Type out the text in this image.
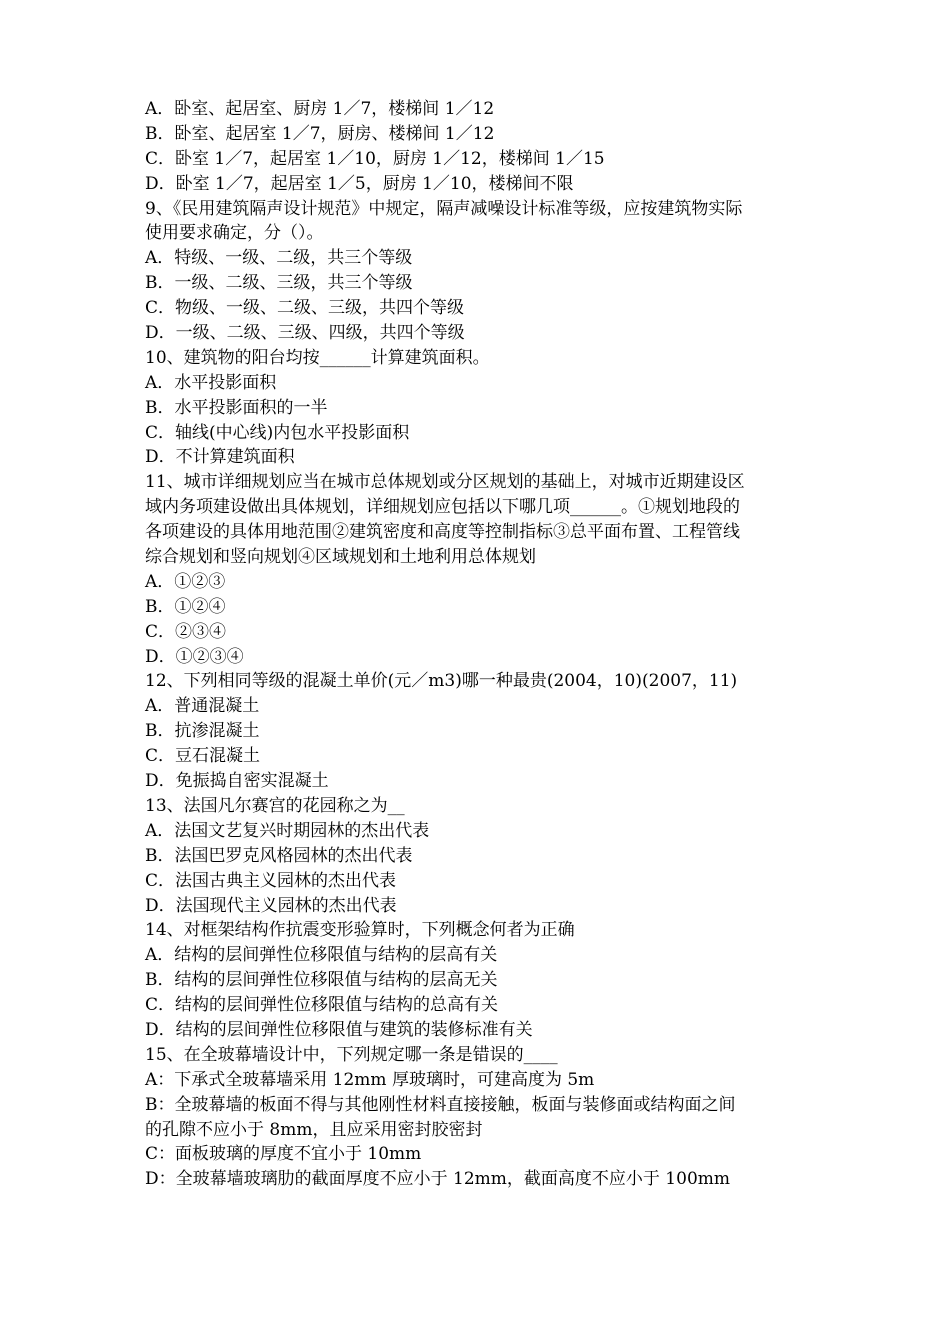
A．卧室、起居室、厨房 1／7，楼梯间 1／12
B．卧室、起居室 1／7，厨房、楼梯间 1／12
C．卧室 1／7，起居室 1／10，厨房 1／12，楼梯间 1／15
D．卧室 1／7，起居室 1／5，厨房 1／10，楼梯间不限
9、《民用建筑隔声设计规范》中规定，隔声减噪设计标准等级，应按建筑物实际
使用要求确定，分（）。
A．特级、一级、二级，共三个等级
B．一级、二级、三级，共三个等级
C．物级、一级、二级、三级，共四个等级
D．一级、二级、三级、四级，共四个等级
10、建筑物的阳台均按______计算建筑面积。
A．水平投影面积
B．水平投影面积的一半
C．轴线(中心线)内包水平投影面积
D．不计算建筑面积
11、城市详细规划应当在城市总体规划或分区规划的基础上，对城市近期建设区
域内务项建设做出具体规划，详细规划应包括以下哪几项______。①规划地段的
各项建设的具体用地范围②建筑密度和高度等控制指标③总平面布置、工程管线
综合规划和竖向规划④区域规划和土地利用总体规划
A．①②③
B．①②④
C．②③④
D．①②③④
12、下列相同等级的混凝土单价(元／m3)哪一种最贵(2004，10)(2007，11)
A．普通混凝土
B．抗渗混凝土
C．豆石混凝土
D．免振捣自密实混凝土
13、法国凡尔赛宫的花园称之为__
A．法国文艺复兴时期园林的杰出代表
B．法国巴罗克风格园林的杰出代表
C．法国古典主义园林的杰出代表
D．法国现代主义园林的杰出代表
14、对框架结构作抗震变形验算时，下列概念何者为正确
A．结构的层间弹性位移限值与结构的层高有关
B．结构的层间弹性位移限值与结构的层高无关
C．结构的层间弹性位移限值与结构的总高有关
D．结构的层间弹性位移限值与建筑的装修标准有关
15、在全玻幕墙设计中，下列规定哪一条是错误的____
A：下承式全玻幕墙采用 12mm 厚玻璃时，可建高度为 5m
B：全玻幕墙的板面不得与其他刚性材料直接接触，板面与装修面或结构面之间
的孔隙不应小于 8mm，且应采用密封胶密封
C：面板玻璃的厚度不宜小于 10mm
D：全玻幕墙玻璃肋的截面厚度不应小于 12mm，截面高度不应小于 100mm
